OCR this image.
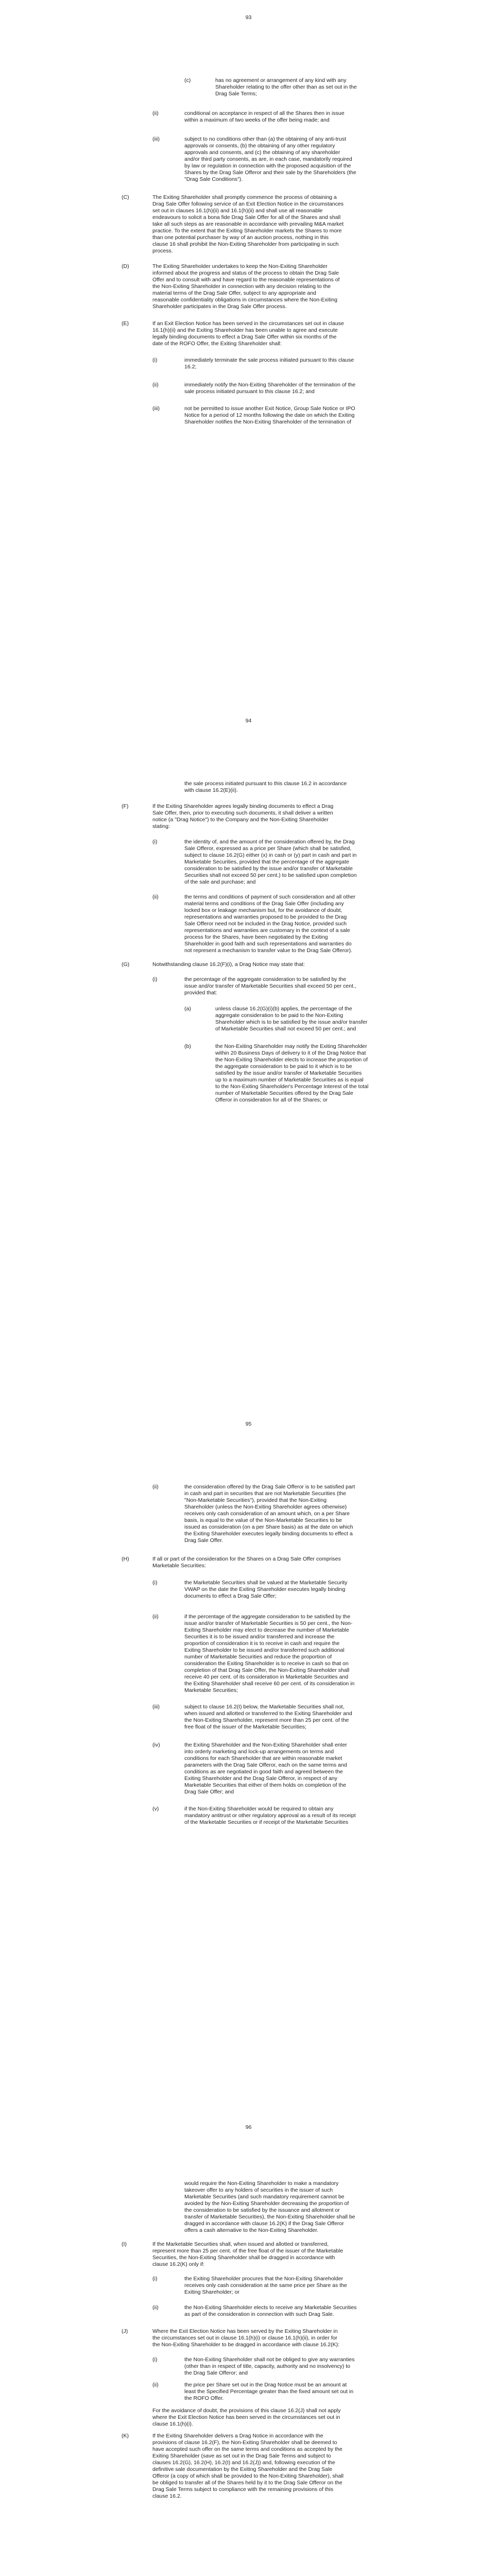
93

(c)	has no agreement or arrangement of any kind with any
Shareholder relating to the offer other than as set out in the
Drag Sale Terms;

(ii)	conditional on acceptance in respect of all the Shares then in issue
within a maximum of two weeks of the offer being made; and

(iii)	subject to no conditions other than (a) the obtaining of any anti-trust
approvals or consents, (b) the obtaining of any other regulatory
approvals and consents, and (c) the obtaining of any shareholder
and/or third party consents, as are, in each case, mandatorily required
by law or regulation in connection with the proposed acquisition of the
Shares by the Drag Sale Offeror and their sale by the Shareholders (the
"Drag Sale Conditions").

(C)	The Exiting Shareholder shall promptly commence the process of obtaining a
Drag Sale Offer following service of an Exit Election Notice in the circumstances
set out in clauses 16.1(h)(ii) and 16.1(h)(ii) and shall use all reasonable
endeavours to solicit a bona fide Drag Sale Offer for all of the Shares and shall
take all such steps as are reasonable in accordance with prevailing M&A market
practice. To the extent that the Exiting Shareholder markets the Shares to more
than one potential purchaser by way of an auction process, nothing in this
clause 16 shall prohibit the Non-Exiting Shareholder from participating in such
process.

(D)	The Exiting Shareholder undertakes to keep the Non-Exiting Shareholder
informed about the progress and status of the process to obtain the Drag Sale
Offer and to consult with and have regard to the reasonable representations of
the Non-Exiting Shareholder in connection with any decision relating to the
material terms of the Drag Sale Offer, subject to any appropriate and
reasonable confidentiality obligations in circumstances where the Non-Exiting
Shareholder participates in the Drag Sale Offer process.

(E)	If an Exit Election Notice has been served in the circumstances set out in clause
16.1(h)(ii) and the Exiting Shareholder has been unable to agree and execute
legally binding documents to effect a Drag Sale Offer within six months of the
date of the ROFO Offer, the Exiting Shareholder shall:

(i)	immediately terminate the sale process initiated pursuant to this clause
16.2;

(ii)	immediately notify the Non-Exiting Shareholder of the termination of the
sale process initiated pursuant to this clause 16.2; and

(iii)	not be permitted to issue another Exit Notice, Group Sale Notice or IPO
Notice for a period of 12 months following the date on which the Exiting
Shareholder notifies the Non-Exiting Shareholder of the termination of

94

the sale process initiated pursuant to this clause 16.2 in accordance
with clause 16.2(E)(ii).

(F)	If the Exiting Shareholder agrees legally binding documents to effect a Drag
Sale Offer, then, prior to executing such documents, it shall deliver a written
notice (a "Drag Notice") to the Company and the Non-Exiting Shareholder
stating:

(i)	the identity of, and the amount of the consideration offered by, the Drag
Sale Offeror, expressed as a price per Share (which shall be satisfied,
subject to clause 16.2(G) either (x) in cash or (y) part in cash and part in
Marketable Securities, provided that the percentage of the aggregate
consideration to be satisfied by the issue and/or transfer of Marketable
Securities shall not exceed 50 per cent.) to be satisfied upon completion
of the sale and purchase; and

(ii)	the terms and conditions of payment of such consideration and all other
material terms and conditions of the Drag Sale Offer (including any
locked box or leakage mechanism but, for the avoidance of doubt,
representations and warranties proposed to be provided to the Drag
Sale Offeror need not be included in the Drag Notice, provided such
representations and warranties are customary in the context of a sale
process for the Shares, have been negotiated by the Exiting
Shareholder in good faith and such representations and warranties do
not represent a mechanism to transfer value to the Drag Sale Offeror).

(G)	Notwithstanding clause 16.2(F)(i), a Drag Notice may state that:

(i)	the percentage of the aggregate consideration to be satisfied by the
issue and/or transfer of Marketable Securities shall exceed 50 per cent.,
provided that:

(a)	unless clause 16.2(G)(i)(b) applies, the percentage of the
aggregate consideration to be paid to the Non-Exiting
Shareholder which is to be satisfied by the issue and/or transfer
of Marketable Securities shall not exceed 50 per cent.; and

(b)	the Non-Exiting Shareholder may notify the Exiting Shareholder
within 20 Business Days of delivery to it of the Drag Notice that
the Non-Exiting Shareholder elects to increase the proportion of
the aggregate consideration to be paid to it which is to be
satisfied by the issue and/or transfer of Marketable Securities
up to a maximum number of Marketable Securities as is equal
to the Non-Exiting Shareholder's Percentage Interest of the total
number of Marketable Securities offered by the Drag Sale
Offeror in consideration for all of the Shares; or

95

(ii)	the consideration offered by the Drag Sale Offeror is to be satisfied part
in cash and part in securities that are not Marketable Securities (the
"Non-Marketable Securities"), provided that the Non-Exiting
Shareholder (unless the Non-Exiting Shareholder agrees otherwise)
receives only cash consideration of an amount which, on a per Share
basis, is equal to the value of the Non-Marketable Securities to be
issued as consideration (on a per Share basis) as at the date on which
the Exiting Shareholder executes legally binding documents to effect a
Drag Sale Offer.

(H)	If all or part of the consideration for the Shares on a Drag Sale Offer comprises
Marketable Securities:

(i)	the Marketable Securities shall be valued at the Marketable Security
VWAP on the date the Exiting Shareholder executes legally binding
documents to effect a Drag Sale Offer;

(ii)	if the percentage of the aggregate consideration to be satisfied by the
issue and/or transfer of Marketable Securities is 50 per cent., the Non-
Exiting Shareholder may elect to decrease the number of Marketable
Securities it is to be issued and/or transferred and increase the
proportion of consideration it is to receive in cash and require the
Exiting Shareholder to be issued and/or transferred such additional
number of Marketable Securities and reduce the proportion of
consideration the Exiting Shareholder is to receive in cash so that on
completion of that Drag Sale Offer, the Non-Exiting Shareholder shall
receive 40 per cent. of its consideration in Marketable Securities and
the Exiting Shareholder shall receive 60 per cent. of its consideration in
Marketable Securities;

(iii)	subject to clause 16.2(I) below, the Marketable Securities shall not,
when issued and allotted or transferred to the Exiting Shareholder and
the Non-Exiting Shareholder, represent more than 25 per cent. of the
free float of the issuer of the Marketable Securities;

(iv)	the Exiting Shareholder and the Non-Exiting Shareholder shall enter
into orderly marketing and lock-up arrangements on terms and
conditions for each Shareholder that are within reasonable market
parameters with the Drag Sale Offeror, each on the same terms and
conditions as are negotiated in good faith and agreed between the
Exiting Shareholder and the Drag Sale Offeror, in respect of any
Marketable Securities that either of them holds on completion of the
Drag Sale Offer; and

(v)	if the Non-Exiting Shareholder would be required to obtain any
mandatory antitrust or other regulatory approval as a result of its receipt
of the Marketable Securities or if receipt of the Marketable Securities

96

would require the Non-Exiting Shareholder to make a mandatory
takeover offer to any holders of securities in the issuer of such
Marketable Securities (and such mandatory requirement cannot be
avoided by the Non-Exiting Shareholder decreasing the proportion of
the consideration to be satisfied by the issuance and allotment or
transfer of Marketable Securities), the Non-Exiting Shareholder shall be
dragged in accordance with clause 16.2(K) if the Drag Sale Offeror
offers a cash alternative to the Non-Exiting Shareholder.

(I)	If the Marketable Securities shall, when issued and allotted or transferred,
represent more than 25 per cent. of the free float of the issuer of the Marketable
Securities, the Non-Exiting Shareholder shall be dragged in accordance with
clause 16.2(K) only if:

(i)	the Exiting Shareholder procures that the Non-Exiting Shareholder
receives only cash consideration at the same price per Share as the
Exiting Shareholder; or

(ii)	the Non-Exiting Shareholder elects to receive any Marketable Securities
as part of the consideration in connection with such Drag Sale.

(J)	Where the Exit Election Notice has been served by the Exiting Shareholder in
the circumstances set out in clause 16.1(h)(i) or clause 16.1(h)(ii), in order for
the Non-Exiting Shareholder to be dragged in accordance with clause 16.2(K):

(i)	the Non-Exiting Shareholder shall not be obliged to give any warranties
(other than in respect of title, capacity, authority and no insolvency) to
the Drag Sale Offeror; and

(ii)	the price per Share set out in the Drag Notice must be an amount at
least the Specified Percentage greater than the fixed amount set out in
the ROFO Offer.

For the avoidance of doubt, the provisions of this clause 16.2(J) shall not apply
where the Exit Election Notice has been served in the circumstances set out in
clause 16.1(h)(i).

(K)	If the Exiting Shareholder delivers a Drag Notice in accordance with the
provisions of clause 16.2(F), the Non-Exiting Shareholder shall be deemed to
have accepted such offer on the same terms and conditions as accepted by the
Exiting Shareholder (save as set out in the Drag Sale Terms and subject to
clauses 16.2(G), 16.2(H), 16.2(I) and 16.2(J)) and, following execution of the
definitive sale documentation by the Exiting Shareholder and the Drag Sale
Offeror (a copy of which shall be provided to the Non-Exiting Shareholder), shall
be obliged to transfer all of the Shares held by it to the Drag Sale Offeror on the
Drag Sale Terms subject to compliance with the remaining provisions of this
clause 16.2.
